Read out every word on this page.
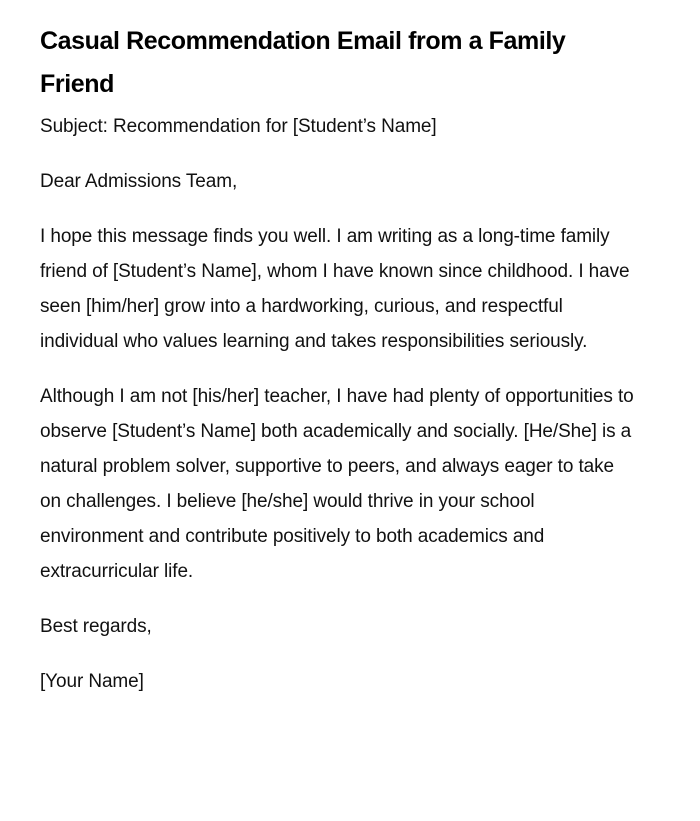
Casual Recommendation Email from a Family Friend

Subject: Recommendation for [Student’s Name]

Dear Admissions Team,

I hope this message finds you well. I am writing as a long-time family friend of [Student’s Name], whom I have known since childhood. I have seen [him/her] grow into a hardworking, curious, and respectful individual who values learning and takes responsibilities seriously.

Although I am not [his/her] teacher, I have had plenty of opportunities to observe [Student’s Name] both academically and socially. [He/She] is a natural problem solver, supportive to peers, and always eager to take on challenges. I believe [he/she] would thrive in your school environment and contribute positively to both academics and extracurricular life.

Best regards,

[Your Name]
